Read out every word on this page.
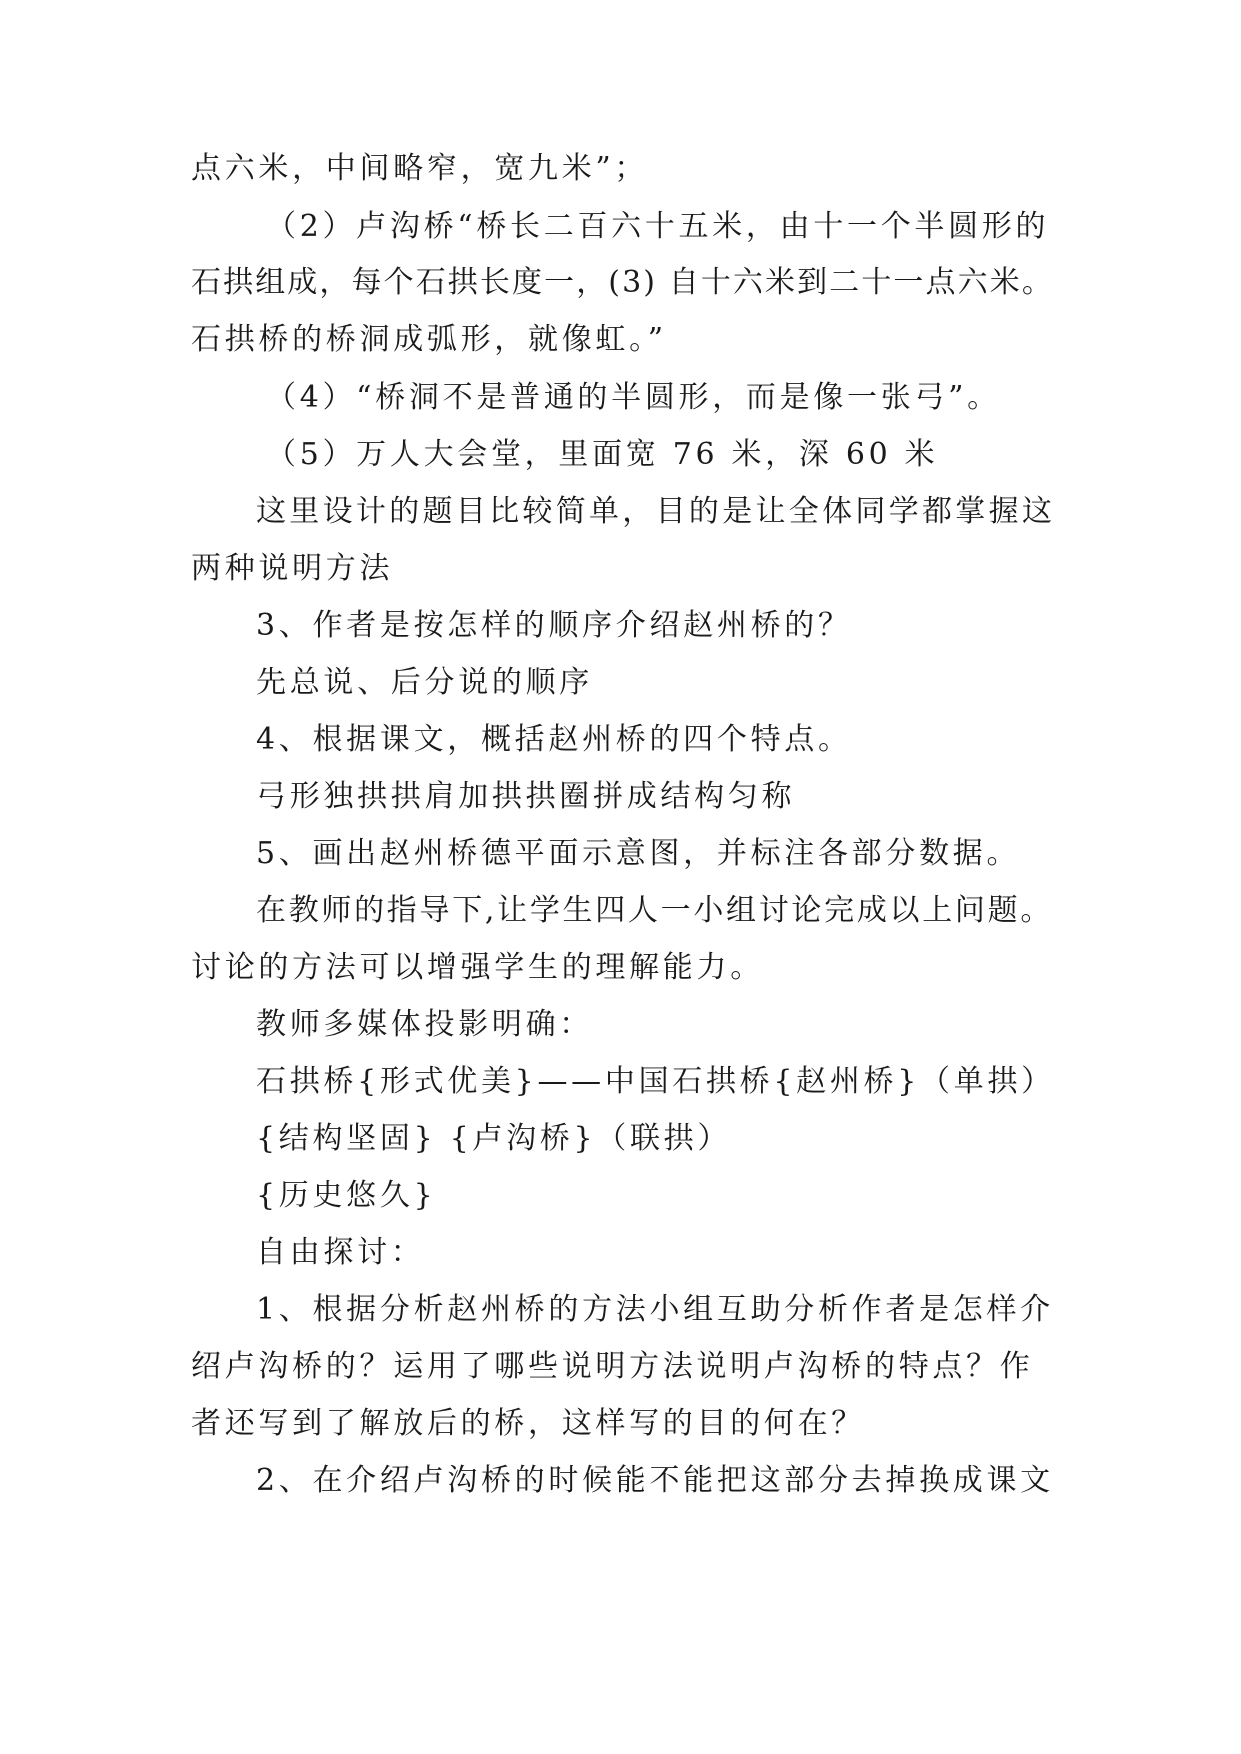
点六米，中间略窄，宽九米”；
（2）卢沟桥“桥长二百六十五米，由十一个半圆形的
石拱组成，每个石拱长度一，(3) 自十六米到二十一点六米。
石拱桥的桥洞成弧形，就像虹。”
（4）“桥洞不是普通的半圆形，而是像一张弓”。
（5）万人大会堂，里面宽 76 米，深 60 米
这里设计的题目比较简单，目的是让全体同学都掌握这
两种说明方法
3、作者是按怎样的顺序介绍赵州桥的？
先总说、后分说的顺序
4、根据课文，概括赵州桥的四个特点。
弓形独拱拱肩加拱拱圈拼成结构匀称
5、画出赵州桥德平面示意图，并标注各部分数据。
在教师的指导下,让学生四人一小组讨论完成以上问题。
讨论的方法可以增强学生的理解能力。
教师多媒体投影明确：
石拱桥{形式优美}——中国石拱桥{赵州桥}（单拱）
{结构坚固} {卢沟桥}（联拱）
{历史悠久}
自由探讨：
1、根据分析赵州桥的方法小组互助分析作者是怎样介
绍卢沟桥的？运用了哪些说明方法说明卢沟桥的特点？作
者还写到了解放后的桥，这样写的目的何在？
2、在介绍卢沟桥的时候能不能把这部分去掉换成课文
